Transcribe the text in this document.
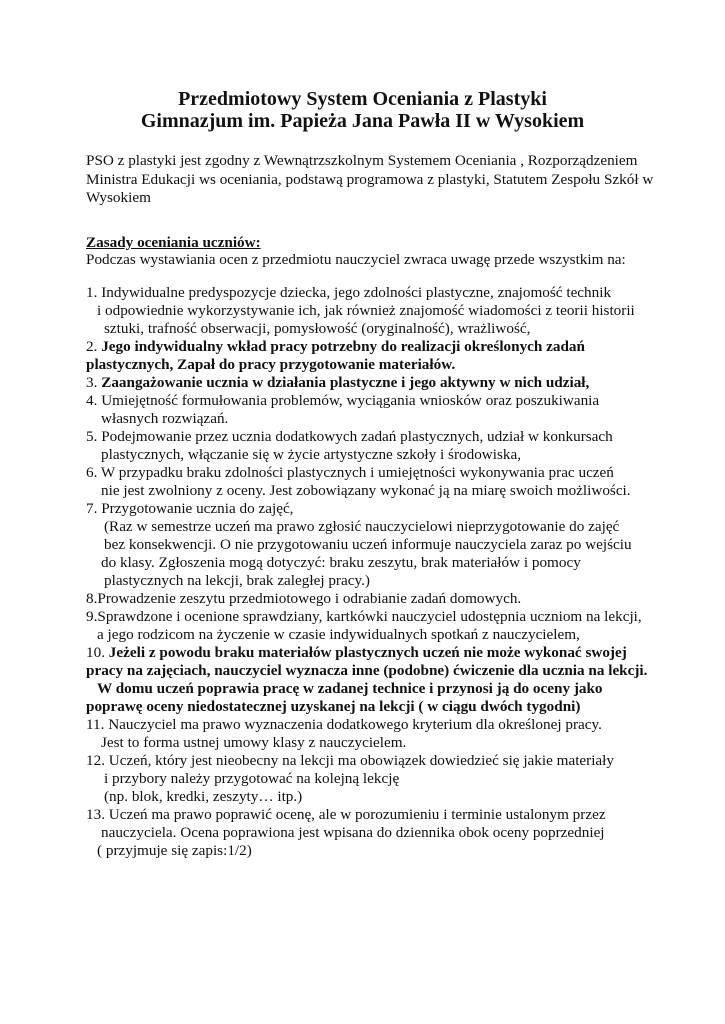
Przedmiotowy System Oceniania z Plastyki
Gimnazjum im. Papieża Jana Pawła II w Wysokiem
PSO z plastyki jest zgodny z Wewnątrzszkolnym Systemem Oceniania , Rozporządzeniem
Ministra Edukacji ws oceniania, podstawą programowa z plastyki, Statutem Zespołu Szkół w
Wysokiem
Zasady oceniania uczniów:
Podczas wystawiania ocen z przedmiotu nauczyciel zwraca uwagę przede wszystkim na:
1. Indywidualne predyspozycje dziecka, jego zdolności plastyczne, znajomość technik
i odpowiednie wykorzystywanie ich, jak również znajomość wiadomości z teorii historii
sztuki, trafność obserwacji, pomysłowość (oryginalność), wrażliwość,
2. Jego indywidualny wkład pracy potrzebny do realizacji określonych zadań
plastycznych, Zapał do pracy przygotowanie materiałów.
3. Zaangażowanie ucznia w działania plastyczne i jego aktywny w nich udział,
4. Umiejętność formułowania problemów, wyciągania wniosków oraz poszukiwania
własnych rozwiązań.
5. Podejmowanie przez ucznia dodatkowych zadań plastycznych, udział w konkursach
plastycznych, włączanie się w życie artystyczne szkoły i środowiska,
6. W przypadku braku zdolności plastycznych i umiejętności wykonywania prac uczeń
nie jest zwolniony z oceny. Jest zobowiązany wykonać ją na miarę swoich możliwości.
7. Przygotowanie ucznia do zajęć,
(Raz w semestrze uczeń ma prawo zgłosić nauczycielowi nieprzygotowanie do zajęć
bez konsekwencji. O nie przygotowaniu uczeń informuje nauczyciela zaraz po wejściu
do klasy. Zgłoszenia mogą dotyczyć: braku zeszytu, brak materiałów i pomocy
plastycznych na lekcji, brak zaległej pracy.)
8.Prowadzenie zeszytu przedmiotowego i odrabianie zadań domowych.
9.Sprawdzone i ocenione sprawdziany, kartkówki nauczyciel udostępnia uczniom na lekcji,
a jego rodzicom na życzenie w czasie indywidualnych spotkań z nauczycielem,
10. Jeżeli z powodu braku materiałów plastycznych uczeń nie może wykonać swojej
pracy na zajęciach, nauczyciel wyznacza inne (podobne) ćwiczenie dla ucznia na lekcji.
W domu uczeń poprawia pracę w zadanej technice i przynosi ją do oceny jako
poprawę oceny niedostatecznej uzyskanej na lekcji ( w ciągu dwóch tygodni)
11. Nauczyciel ma prawo wyznaczenia dodatkowego kryterium dla określonej pracy.
Jest to forma ustnej umowy klasy z nauczycielem.
12. Uczeń, który jest nieobecny na lekcji ma obowiązek dowiedzieć się jakie materiały
i przybory należy przygotować na kolejną lekcję
(np. blok, kredki, zeszyty… itp.)
13. Uczeń ma prawo poprawić ocenę, ale w porozumieniu i terminie ustalonym przez
nauczyciela. Ocena poprawiona jest wpisana do dziennika obok oceny poprzedniej
( przyjmuje się zapis:1/2)
